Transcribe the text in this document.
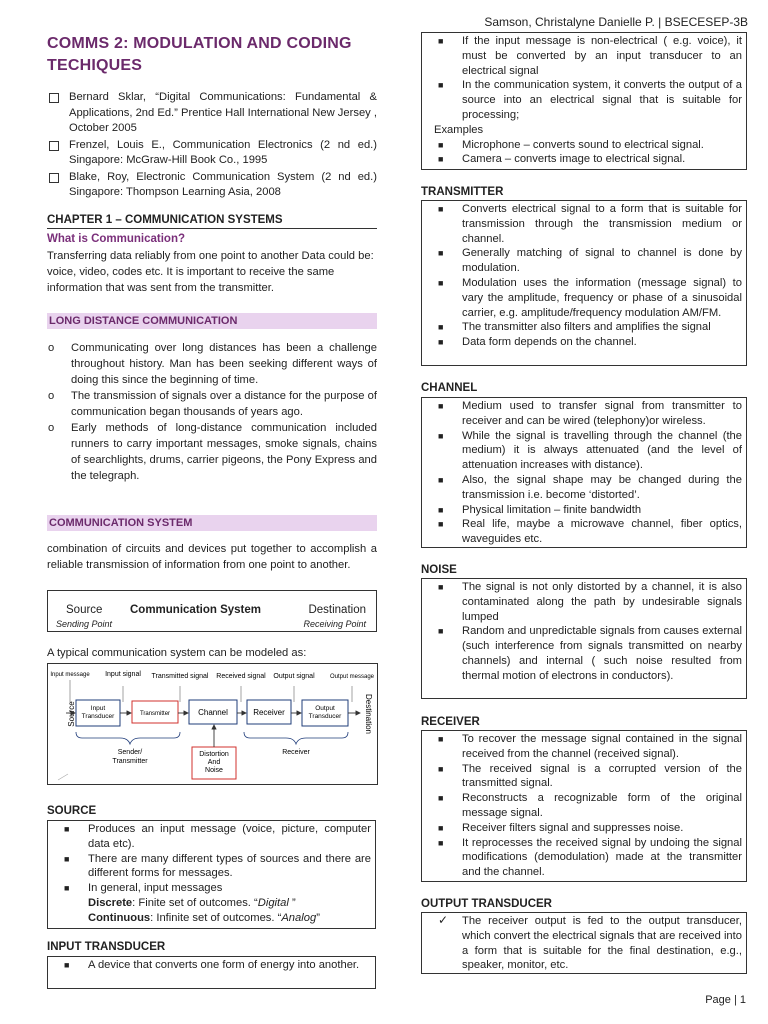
Samson, Christalyne Danielle P. | BSECESEP-3B
COMMS 2: MODULATION AND CODING TECHIQUES
Bernard Sklar, “Digital Communications: Fundamental & Applications, 2nd Ed.” Prentice Hall International New Jersey , October 2005
Frenzel, Louis E., Communication Electronics (2 nd ed.) Singapore: McGraw-Hill Book Co., 1995
Blake, Roy, Electronic Communication System (2 nd ed.) Singapore: Thompson Learning Asia, 2008
CHAPTER 1 – COMMUNICATION SYSTEMS
What is Communication?
Transferring data reliably from one point to another Data could be: voice, video, codes etc. It is important to receive the same information that was sent from the transmitter.
LONG DISTANCE COMMUNICATION
o Communicating over long distances has been a challenge throughout history. Man has been seeking different ways of doing this since the beginning of time.
o The transmission of signals over a distance for the purpose of communication began thousands of years ago.
o Early methods of long-distance communication included runners to carry important messages, smoke signals, chains of searchlights, drums, carrier pigeons, the Pony Express and the telegraph.
COMMUNICATION SYSTEM
combination of circuits and devices put together to accomplish a reliable transmission of information from one point to another.
Source Communication System	Destination
Sending Point	Receiving Point
A typical communication system can be modeled as:
Input message Input signal Transmitted signal Received signal Output signal	Output message
Source	Destination
Input Transducer	Transmitter	Channel	Receiver	Output Transducer
Sender/ Transmitter
Receiver
Distortion And Noise
SOURCE
■ Produces an input message (voice, picture, computer data etc).
■ There are many different types of sources and there are different forms for messages.
■ In general, input messages
Discrete: Finite set of outcomes. “Digital ”
Continuous: Infinite set of outcomes. “Analog”
INPUT TRANSDUCER
■ A device that converts one form of energy into another.
■ If the input message is non-electrical ( e.g. voice), it must be converted by an input transducer to an electrical signal
■ In the communication system, it converts the output of a source into an electrical signal that is suitable for processing;
Examples
■ Microphone – converts sound to electrical signal.
■ Camera – converts image to electrical signal.
TRANSMITTER
■ Converts electrical signal to a form that is suitable for transmission through the transmission medium or channel.
■ Generally matching of signal to channel is done by modulation.
■ Modulation uses the information (message signal) to vary the amplitude, frequency or phase of a sinusoidal carrier, e.g. amplitude/frequency modulation AM/FM.
■ The transmitter also filters and amplifies the signal
■ Data form depends on the channel.
CHANNEL
■ Medium used to transfer signal from transmitter to receiver and can be wired (telephony)or wireless.
■ While the signal is travelling through the channel (the medium) it is always attenuated (and the level of attenuation increases with distance).
■ Also, the signal shape may be changed during the transmission i.e. become ‘distorted’.
■ Physical limitation – finite bandwidth
■ Real life, maybe a microwave channel, fiber optics, waveguides etc.
NOISE
■ The signal is not only distorted by a channel, it is also contaminated along the path by undesirable signals lumped
■ Random and unpredictable signals from causes external (such interference from signals transmitted on nearby channels) and internal ( such noise resulted from thermal motion of electrons in conductors).
RECEIVER
■ To recover the message signal contained in the signal received from the channel (received signal).
■ The received signal is a corrupted version of the transmitted signal.
■ Reconstructs a recognizable form of the original message signal.
■ Receiver filters signal and suppresses noise.
■ It reprocesses the received signal by undoing the signal modifications (demodulation) made at the transmitter and the channel.
OUTPUT TRANSDUCER
✓ The receiver output is fed to the output transducer, which convert the electrical signals that are received into a form that is suitable for the final destination, e.g., speaker, monitor, etc.
Page | 1
